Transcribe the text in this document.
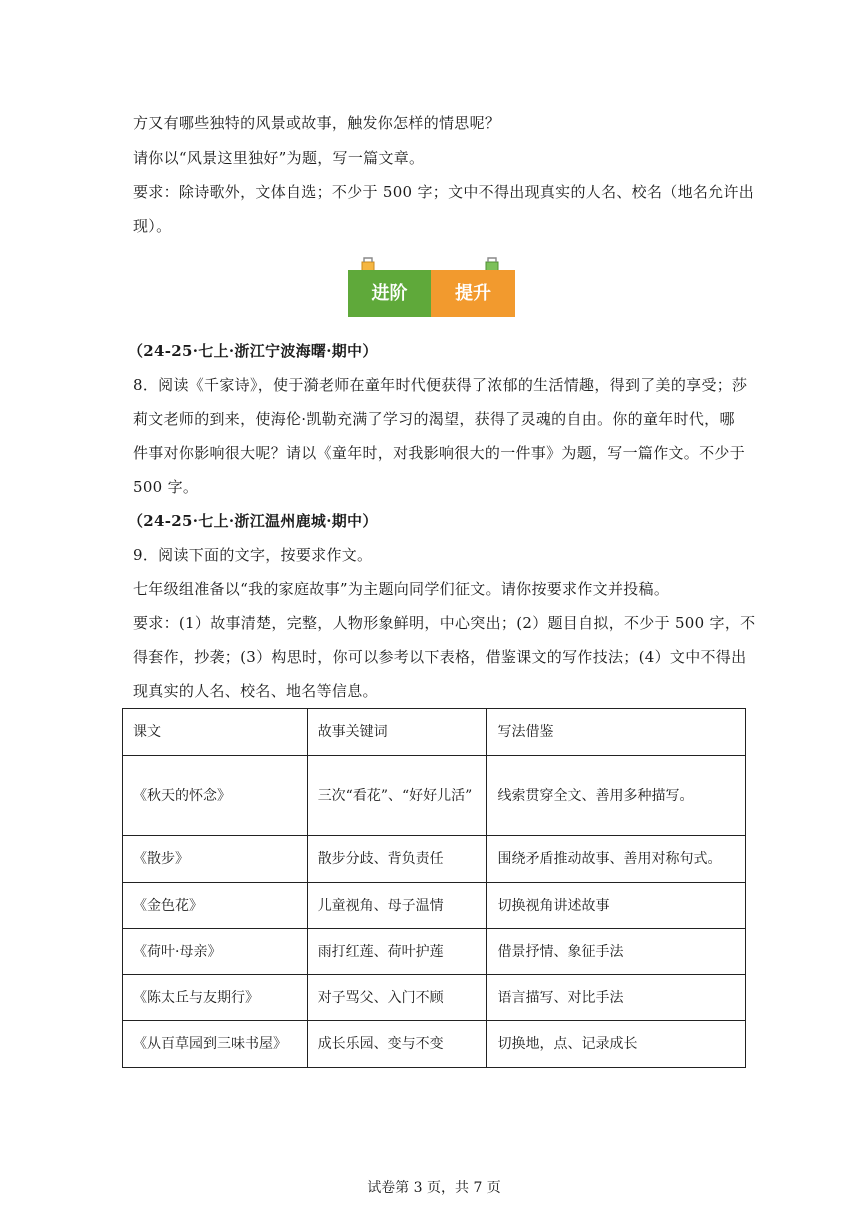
方又有哪些独特的风景或故事，触发你怎样的情思呢？
请你以“风景这里独好”为题，写一篇文章。
要求：除诗歌外，文体自选；不少于 500 字；文中不得出现真实的人名、校名（地名允许出
现）。
进阶	提升
（24-25·七上·浙江宁波海曙·期中）
8．阅读《千家诗》，使于漪老师在童年时代便获得了浓郁的生活情趣，得到了美的享受；莎
莉文老师的到来，使海伦·凯勒充满了学习的渴望，获得了灵魂的自由。你的童年时代，哪
件事对你影响很大呢？请以《童年时，对我影响很大的一件事》为题，写一篇作文。不少于
500 字。
（24-25·七上·浙江温州鹿城·期中）
9．阅读下面的文字，按要求作文。
七年级组准备以“我的家庭故事”为主题向同学们征文。请你按要求作文并投稿。
要求：(1）故事清楚，完整，人物形象鲜明，中心突出；(2）题目自拟，不少于 500 字，不
得套作，抄袭；(3）构思时，你可以参考以下表格，借鉴课文的写作技法；(4）文中不得出
现真实的人名、校名、地名等信息。
课文	故事关键词	写法借鉴
《秋天的怀念》	三次“看花”、“好好儿活”	线索贯穿全文、善用多种描写。
《散步》	散步分歧、背负责任	围绕矛盾推动故事、善用对称句式。
《金色花》	儿童视角、母子温情	切换视角讲述故事
《荷叶·母亲》	雨打红莲、荷叶护莲	借景抒情、象征手法
《陈太丘与友期行》	对子骂父、入门不顾	语言描写、对比手法
《从百草园到三味书屋》	成长乐园、变与不变	切换地，点、记录成长
试卷第 3 页，共 7 页
